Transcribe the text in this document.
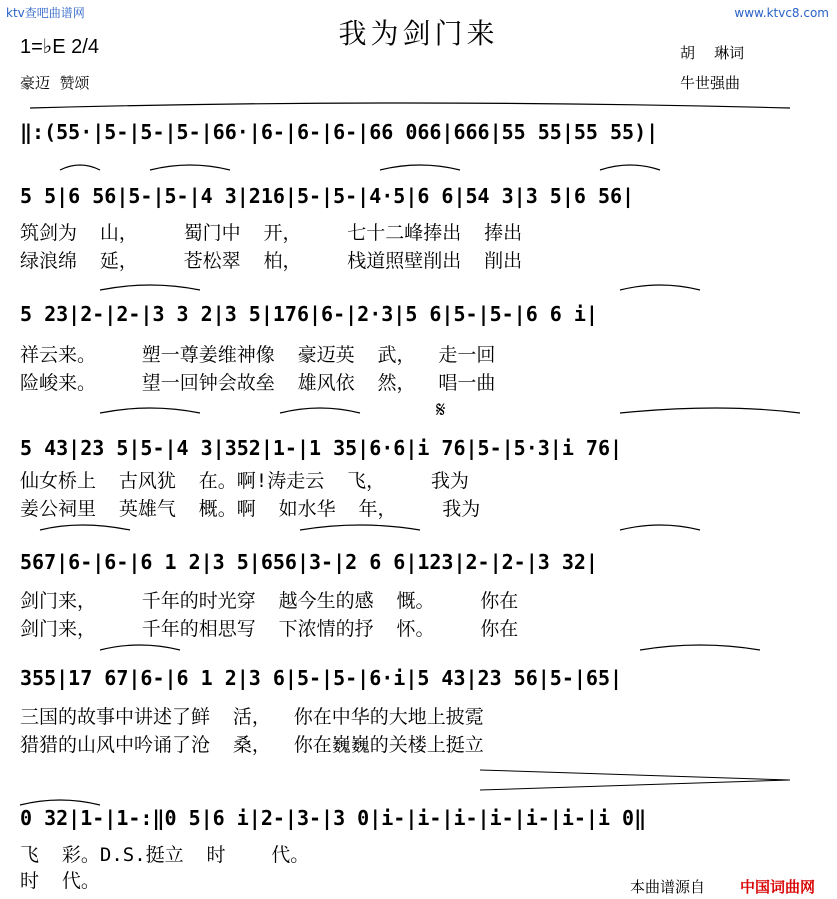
ktv查吧曲谱网	www.ktvc8.com
我为剑门来
1=♭E 2/4
豪迈  赞颂
胡    琳词
牛世强曲
‖:(55·|5-|5-|5-|66·|6-|6-|6-|66 066|666|55 55|55 55)|
5 5|6 56|5-|5-|4 3|216|5-|5-|4·5|6 6|54 3|3 5|6 56|
筑剑为  山，    蜀门中  开，    七十二峰捧出  捧出
绿浪绵  延，    苍松翠  柏，    栈道照壁削出  削出
5 23|2-|2-|3 3 2|3 5|176|6-|2·3|5 6|5-|5-|6 6 i|
祥云来。    塑一尊姜维神像  豪迈英  武，  走一回
险峻来。    望一回钟会故垒  雄风依  然，  唱一曲
𝄋
5 43|23 5|5-|4 3|352|1-|1 35|6·6|i 76|5-|5·3|i 76|
仙女桥上  古风犹  在。啊!涛走云  飞，    我为
姜公祠里  英雄气  概。啊  如水华  年，    我为
567|6-|6-|6 1 2|3 5|656|3-|2 6 6|123|2-|2-|3 32|
剑门来，    千年的时光穿  越今生的感  慨。    你在
剑门来，    千年的相思写  下浓情的抒  怀。    你在
355|17 67|6-|6 1 2|3 6|5-|5-|6·i|5 43|23 56|5-|65|
三国的故事中讲述了鲜  活，  你在中华的大地上披霓
猎猎的山风中吟诵了沧  桑，  你在巍巍的关楼上挺立
0 32|1-|1-:‖0 5|6 i|2-|3-|3 0|i-|i-|i-|i-|i-|i-|i 0‖
飞  彩。D.S.挺立  时    代。
时  代。	本曲谱源自 中国词曲网
